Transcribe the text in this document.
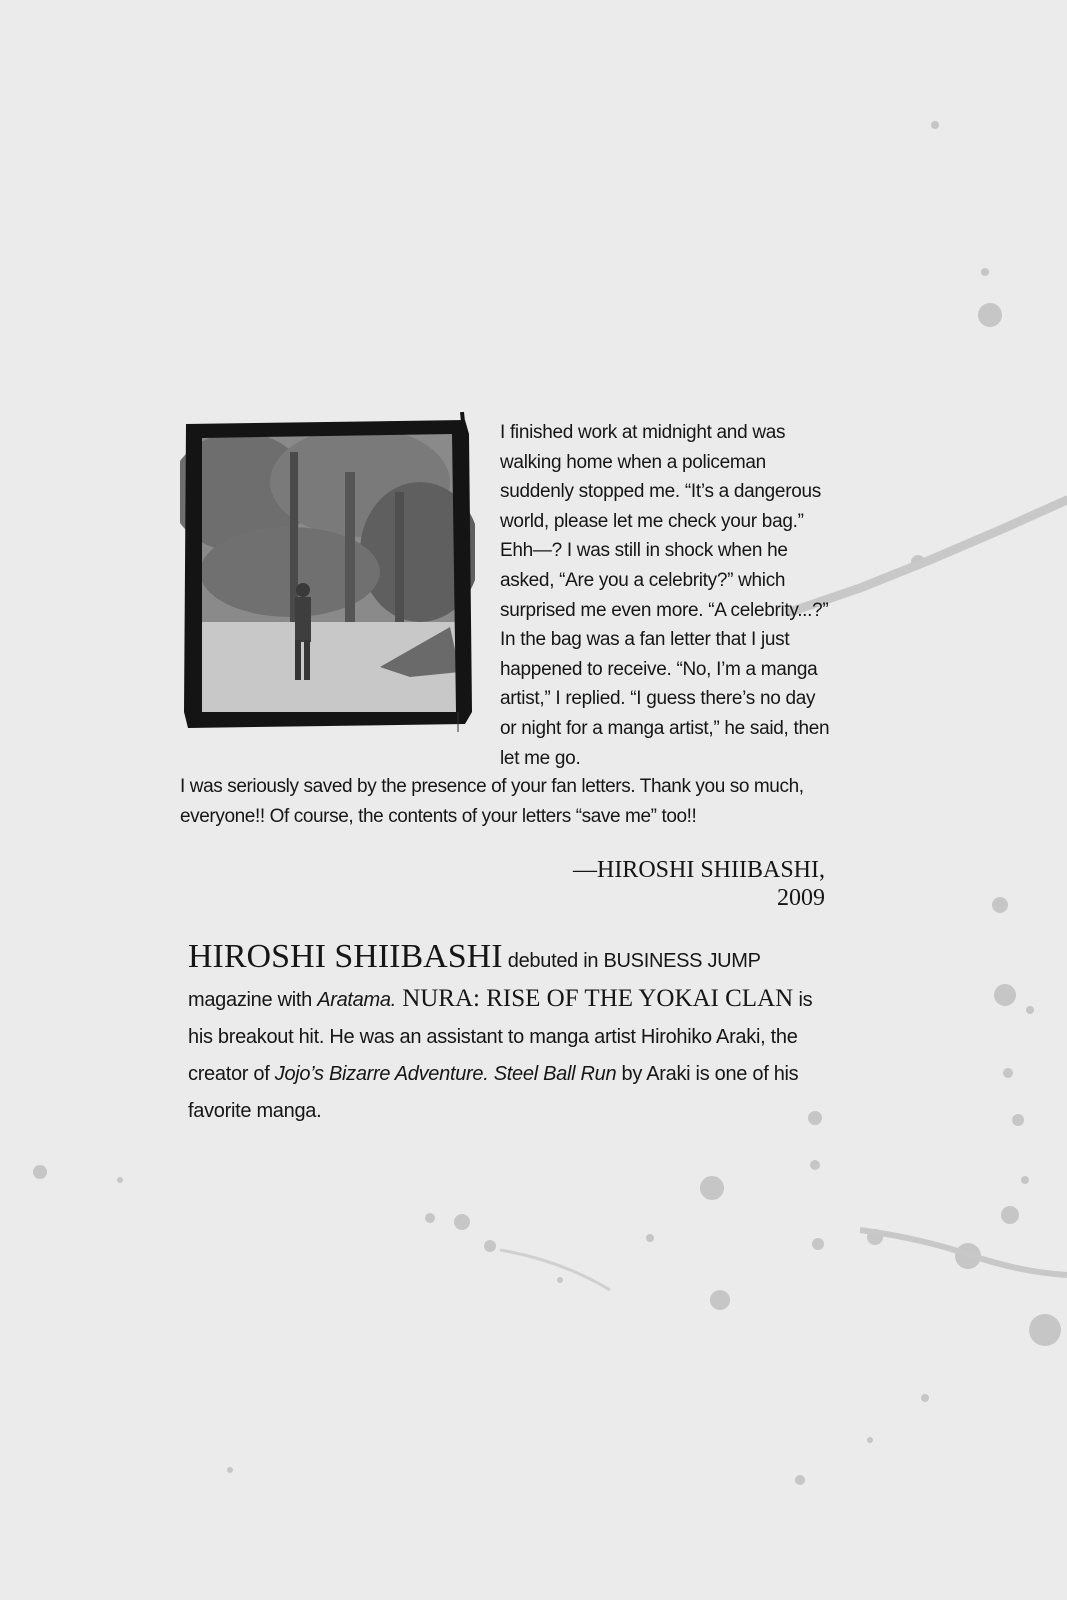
I finished work at midnight and was walking home when a policeman suddenly stopped me. “It’s a dangerous world, please let me check your bag.” Ehh—? I was still in shock when he asked, “Are you a celebrity?” which surprised me even more. “A celebrity...?” In the bag was a fan letter that I just happened to receive. “No, I’m a manga artist,” I replied. “I guess there’s no day or night for a manga artist,” he said, then let me go.
I was seriously saved by the presence of your fan letters. Thank you so much, everyone!! Of course, the contents of your letters “save me” too!!
—HIROSHI SHIIBASHI,
2009
HIROSHI SHIIBASHI debuted in BUSINESS JUMP magazine with Aratama. NURA: RISE OF THE YOKAI CLAN is his breakout hit. He was an assistant to manga artist Hirohiko Araki, the creator of Jojo’s Bizarre Adventure. Steel Ball Run by Araki is one of his favorite manga.
